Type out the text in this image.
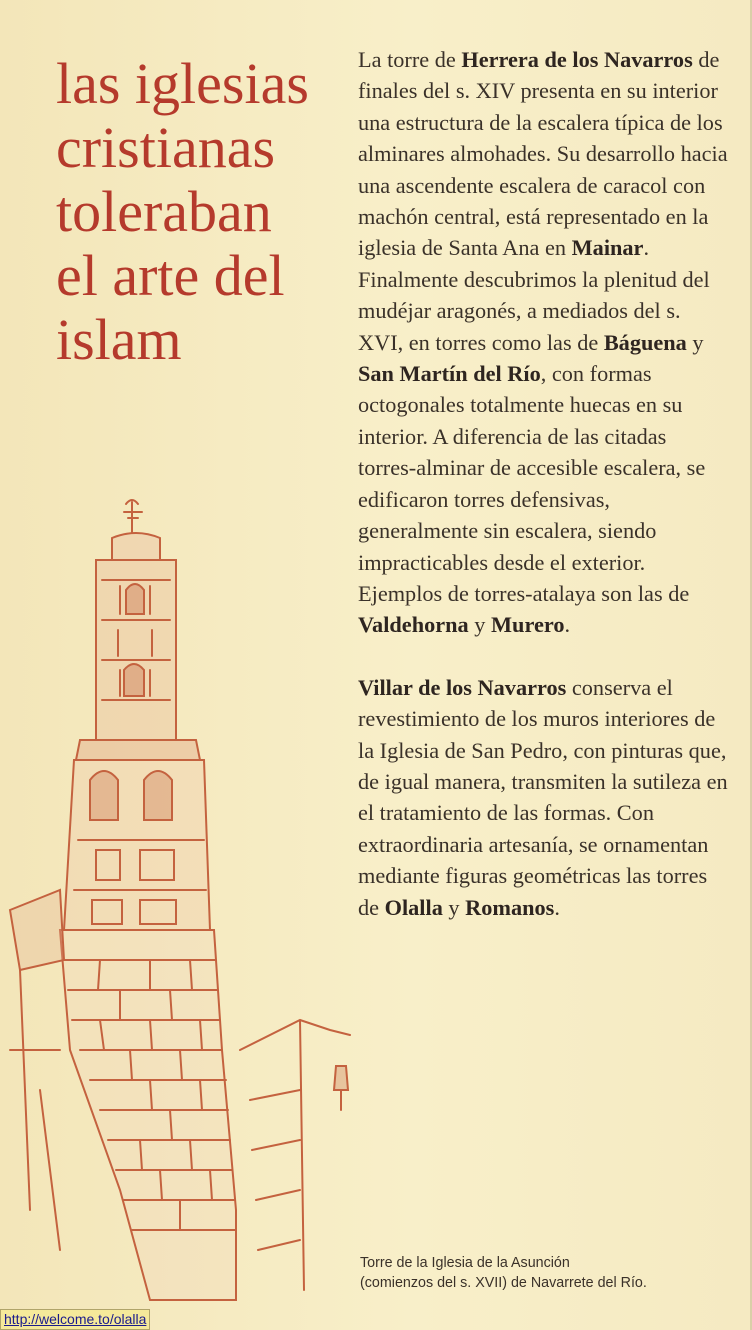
las iglesias
cristianas
toleraban
el arte del
islam

La torre de Herrera de los Navarros de finales del s. XIV presenta en su interior una estructura de la escalera típica de los alminares almohades. Su desarrollo hacia una ascendente escalera de caracol con machón central, está representado en la iglesia de Santa Ana en Mainar. Finalmente descubrimos la plenitud del mudéjar aragonés, a mediados del s. XVI, en torres como las de Báguena y San Martín del Río, con formas octogonales totalmente huecas en su interior. A diferencia de las citadas torres-alminar de accesible escalera, se edificaron torres defensivas, generalmente sin escalera, siendo impracticables desde el exterior. Ejemplos de torres-atalaya son las de Valdehorna y Murero.

Villar de los Navarros conserva el revestimiento de los muros interiores de la Iglesia de San Pedro, con pinturas que, de igual manera, transmiten la sutileza en el tratamiento de las formas. Con extraordinaria artesanía, se ornamentan mediante figuras geométricas las torres de Olalla y Romanos.

Torre de la Iglesia de la Asunción
(comienzos del s. XVII) de Navarrete del Río.
http://welcome.to/olalla
